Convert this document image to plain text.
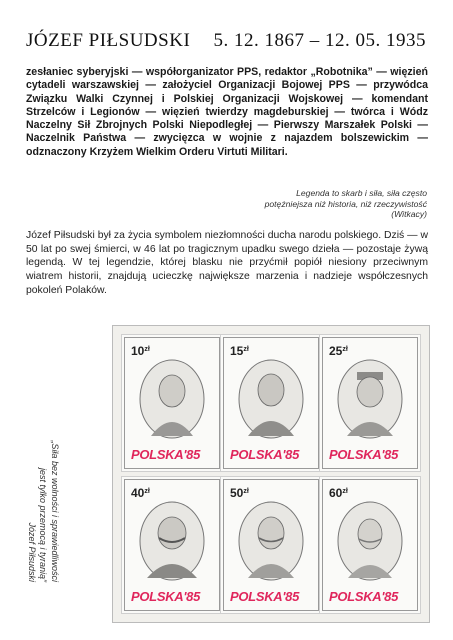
JÓZEF PIŁSUDSKI 5. 12. 1867 – 12. 05. 1935
zesłaniec syberyjski — współorganizator PPS, redaktor „Robotnika” — więzień cytadeli warszawskiej — założyciel Organizacji Bojowej PPS — przywódca Związku Walki Czynnej i Polskiej Organizacji Wojskowej — komendant Strzelców i Legionów — więzień twierdzy magdeburskiej — twórca i Wódz Naczelny Sił Zbrojnych Polski Niepodległej — Pierwszy Marszałek Polski — Naczelnik Państwa — zwycięzca w wojnie z najazdem bolszewickim — odznaczony Krzyżem Wielkim Orderu Virtuti Militari.
Legenda to skarb i siła, siła często
potężniejsza niż historia, niż rzeczywistość
(Witkacy)
Józef Piłsudski był za życia symbolem niezłomności ducha narodu polskiego. Dziś — w 50 lat po swej śmierci, w 46 lat po tragicznym upadku swego dzieła — pozostaje żywą legendą. W tej legendzie, której blasku nie przyćmił popiół niesiony przeciwnym wiatrem historii, znajdują ucieczkę największe marzenia i nadzieje współczesnych pokoleń Polaków.
„Siła bez wolności i sprawiedliwości
jest tylko przemocą i tyranią”
Józef Piłsudski
$10^{zł}$
POLSKA'85
$15^{zł}$
POLSKA'85
$25^{zł}$
POLSKA'85
$40^{zł}$
POLSKA'85
$50^{zł}$
POLSKA'85
$60^{zł}$
POLSKA'85
